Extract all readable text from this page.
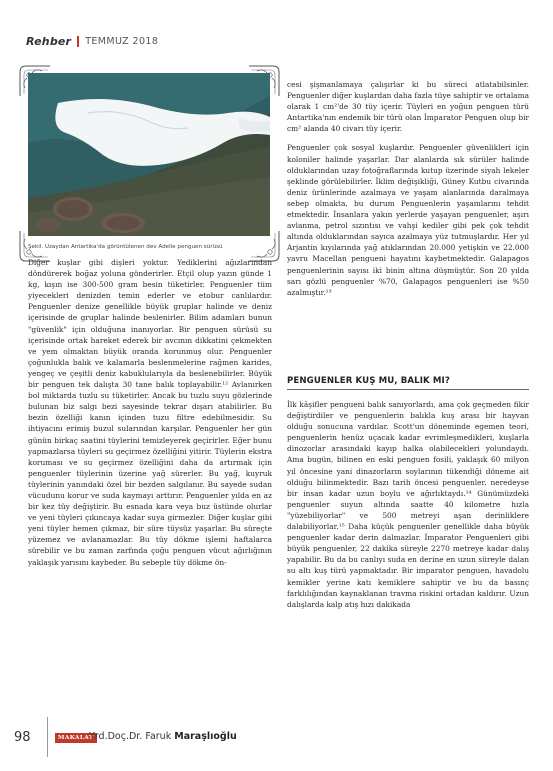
Rehber TEMMUZ 2018
Şekil. Uzaydan Antartika'da görüntülenen dev Adelie penguen sürüsü

Diğer kuşlar gibi dişleri yoktur. Yediklerini ağızlarından döndürerek boğaz yoluna gönderirler. Etçil olup yazın günde 1 kg, kışın ise 300-500 gram besin tüketirler. Penguenler tüm yiyecekleri denizden temin ederler ve etobur canlılardır. Penguenler denize genellikle büyük gruplar halinde ve deniz içerisinde de gruplar halinde beslenirler. Bilim adamları bunun "güvenlik" için olduğuna inanıyorlar. Bir penguen sürüsü su içerisinde ortak hareket ederek bir avcının dikkatini çekmekten ve yem olmaktan büyük oranda korunmuş olur. Penguenler çoğunlukla balık ve kalamarla beslenmelerine rağmen karides, yengeç ve çeşitli deniz kabuklularıyla da beslenebilirler. Büyük bir penguen tek dalışta 30 tane balık toplayabilir.¹² Avlanırken bol miktarda tuzlu su tüketirler. Ancak bu tuzlu suyu gözlerinde bulunan biz salgı bezi sayesinde tekrar dışarı atabilirler. Bu bezin özelliği kanın içinden tuzu filtre edebilmesidir. Su ihtiyacını erimiş buzul sularından karşılar. Penguenler her gün günün birkaç saatini tüylerini temizleyerek geçirirler. Eğer bunu yapmazlarsa tüyleri su geçirmez özelliğini yitirir. Tüylerin ekstra koruması ve su geçirmez özelliğini daha da artırmak için penguenler tüylerinin üzerine yağ sürerler. Bu yağ, kuyruk tüylerinin yanındaki özel bir bezden salgılanır. Bu sayede sudan vücudunu korur ve suda kaymayı arttırır. Penguenler yılda en az bir kez tüy değiştirir. Bu esnada kara veya buz üstünde olurlar ve yeni tüyleri çıkıncaya kadar suya girmezler. Diğer kuşlar gibi yeni tüyler hemen çıkmaz, bir süre tüysüz yaşarlar. Bu süreçte yüzemez ve avlanamazlar. Bu tüy dökme işlemi haftalarca sürebilir ve bu zaman zarfında çoğu penguen vücut ağırlığının yaklaşık yarısını kaybeder. Bu sebeple tüy dökme ön-

cesi şişmanlamaya çalışırlar ki bu süreci atlatabilsinler. Penguenler diğer kuşlardan daha fazla tüye sahiptir ve ortalama olarak 1 cm²'de 30 tüy içerir. Tüyleri en yoğun penguen türü Antartika'nın endemik bir türü olan İmparator Penguen olup bir cm² alanda 40 civarı tüy içerir.

Penguenler çok sosyal kuşlardır. Penguenler güvenlikleri için koloniler halinde yaşarlar. Dar alanlarda sık sürüler halinde olduklarından uzay fotoğraflarında kutup üzerinde siyah lekeler şeklinde görülebilirler. İklim değişikliği, Güney Kutbu civarında deniz ürünlerinde azalmaya ve yaşam alanlarında daralmaya sebep olmakta, bu durum Penguenlerin yaşamlarını tehdit etmektedir. İnsanlara yakın yerlerde yaşayan penguenler, aşırı avlanma, petrol sızıntısı ve vahşi kediler gibi pek çok tehdit altında olduklarından sayıca azalmaya yüz tutmuşlardır. Her yıl Arjantin kıyılarında yağ atıklarından 20.000 yetişkin ve 22.000 yavru Macellan pengueni hayatını kaybetmektedir. Galapagos penguenlerinin sayısı iki binin altına düşmüştür. Son 20 yılda sarı gözlü penguenler %70, Galapagos penguenleri ise %50 azalmıştır.¹³

PENGUENLER KUŞ MU, BALIK MI?

İlk kâşifler pengueni balık sanıyorlardı, ama çok geçmeden fikir değiştirdiler ve penguenlerin balıkla kuş arası bir hayvan olduğu sonucuna vardılar. Scott'un döneminde egemen teori, penguenlerin henüz uçacak kadar evrimleşmedikleri, kuşlarla dinozorlar arasındaki kayıp halka olabilecekleri yolundaydı. Ama bugün, bilinen en eski penguen fosili, yaklaşık 60 milyon yıl öncesine yani dinazorların soylarının tükendiği döneme ait olduğu bilinmektedir. Bazı tarih öncesi penguenler, neredeyse bir insan kadar uzun boylu ve ağırlıktaydı.¹⁴ Günümüzdeki penguenler suyun altında saatte 40 kilometre hızla "yüzebiliyorlar" ve 500 metreyi aşan derinliklere dalabiliyorlar.¹⁵ Daha küçük penguenler genellikle daha büyük penguenler kadar derin dalmazlar. İmparator Penguenleri gibi büyük penguenler, 22 dakika süreyle 2270 metreye kadar dalış yapabilir. Bu da bu canlıyı suda en derine en uzun süreyle dalan su altı kuş türü yapmaktadır. Bir imparator penguen, havadolu kemikler yerine katı kemiklere sahiptir ve bu da basınç farklılığından kaynaklanan travma riskini ortadan kaldırır. Uzun dalışlarda kalp atış hızı dakikada

98	MAKALAT
Yrd.Doç.Dr. Faruk Maraşlıoğlu
